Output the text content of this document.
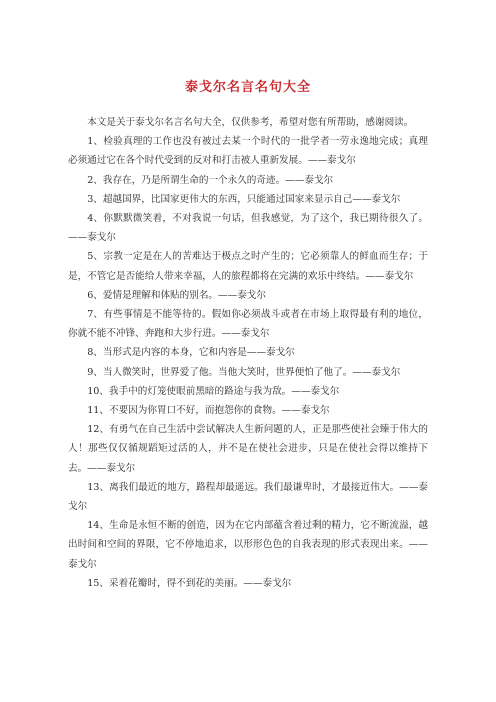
泰戈尔名言名句大全

本文是关于泰戈尔名言名句大全，仅供参考，希望对您有所帮助，感谢阅读。

1、检验真理的工作也没有被过去某一个时代的一批学者一劳永逸地完成；真理必须通过它在各个时代受到的反对和打击被人重新发展。——泰戈尔

2、我存在，乃是所谓生命的一个永久的奇迹。——泰戈尔

3、超越国界，比国家更伟大的东西，只能通过国家来显示自己——泰戈尔

4、你默默微笑着，不对我说一句话，但我感觉，为了这个，我已期待很久了。——泰戈尔

5、宗教一定是在人的苦难达于极点之时产生的；它必须靠人的鲜血而生存；于是，不管它是否能给人带来幸福，人的旅程都将在完满的欢乐中终结。——泰戈尔

6、爱情是理解和体贴的别名。——泰戈尔

7、有些事情是不能等待的。假如你必须战斗或者在市场上取得最有利的地位，你就不能不冲锋、奔跑和大步行进。——泰戈尔

8、当形式是内容的本身，它和内容是——泰戈尔

9、当人微笑时，世界爱了他。当他大笑时，世界便怕了他了。——泰戈尔

10、我手中的灯笼使眼前黑暗的路途与我为敌。——泰戈尔

11、不要因为你胃口不好，而抱怨你的食物。——泰戈尔

12、有勇气在自己生活中尝试解决人生新问题的人，正是那些使社会臻于伟大的人！那些仅仅循规蹈矩过活的人，并不是在使社会进步，只是在使社会得以维持下去。——泰戈尔

13、离我们最近的地方，路程却最遥远。我们最谦卑时，才最接近伟大。——泰戈尔

14、生命是永恒不断的创造，因为在它内部蕴含着过剩的精力，它不断流溢，越出时间和空间的界限，它不停地追求，以形形色色的自我表现的形式表现出来。——泰戈尔

15、采着花瓣时，得不到花的美丽。——泰戈尔
